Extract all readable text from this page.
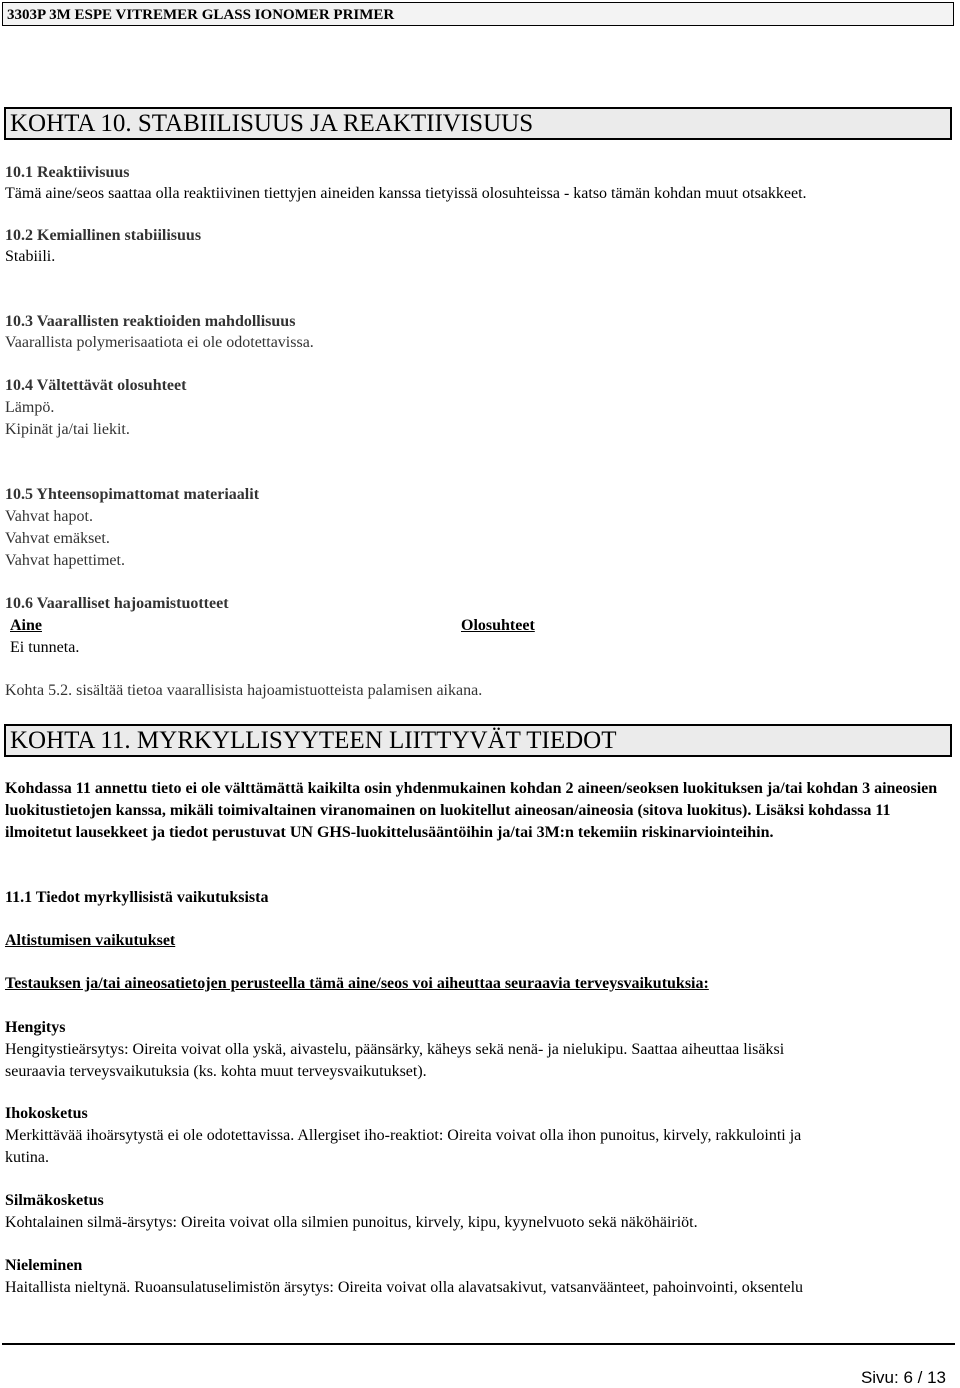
3303P 3M ESPE VITREMER GLASS IONOMER PRIMER
KOHTA 10. STABIILISUUS JA REAKTIIVISUUS
10.1 Reaktiivisuus
Tämä aine/seos saattaa olla reaktiivinen tiettyjen aineiden kanssa tietyissä olosuhteissa - katso tämän kohdan muut otsakkeet.
10.2 Kemiallinen stabiilisuus
Stabiili.
10.3 Vaarallisten reaktioiden mahdollisuus
Vaarallista polymerisaatiota ei ole odotettavissa.
10.4 Vältettävät olosuhteet
Lämpö.
Kipinät ja/tai liekit.
10.5 Yhteensopimattomat materiaalit
Vahvat hapot.
Vahvat emäkset.
Vahvat hapettimet.
10.6 Vaaralliset hajoamistuotteet
Aine	Olosuhteet
Ei tunneta.
Kohta 5.2. sisältää tietoa vaarallisista hajoamistuotteista palamisen aikana.
KOHTA 11. MYRKYLLISYYTEEN LIITTYVÄT TIEDOT
Kohdassa 11 annettu tieto ei ole välttämättä kaikilta osin yhdenmukainen kohdan 2 aineen/seoksen luokituksen ja/tai kohdan 3 aineosien luokitustietojen kanssa, mikäli toimivaltainen viranomainen on luokitellut aineosan/aineosia (sitova luokitus). Lisäksi kohdassa 11 ilmoitetut lausekkeet ja tiedot perustuvat UN GHS-luokittelusääntöihin ja/tai 3M:n tekemiin riskinarviointeihin.
11.1 Tiedot myrkyllisistä vaikutuksista
Altistumisen vaikutukset
Testauksen ja/tai aineosatietojen perusteella tämä aine/seos voi aiheuttaa seuraavia terveysvaikutuksia:
Hengitys
Hengitystieärsytys: Oireita voivat olla yskä, aivastelu, päänsärky, käheys sekä nenä- ja nielukipu. Saattaa aiheuttaa lisäksi
seuraavia terveysvaikutuksia (ks. kohta muut terveysvaikutukset).
Ihokosketus
Merkittävää ihoärsytystä ei ole odotettavissa. Allergiset iho-reaktiot: Oireita voivat olla ihon punoitus, kirvely, rakkulointi ja
kutina.
Silmäkosketus
Kohtalainen silmä-ärsytys: Oireita voivat olla silmien punoitus, kirvely, kipu, kyynelvuoto sekä näköhäiriöt.
Nieleminen
Haitallista nieltynä. Ruoansulatuselimistön ärsytys: Oireita voivat olla alavatsakivut, vatsanväänteet, pahoinvointi, oksentelu
Sivu: 6 / 13
